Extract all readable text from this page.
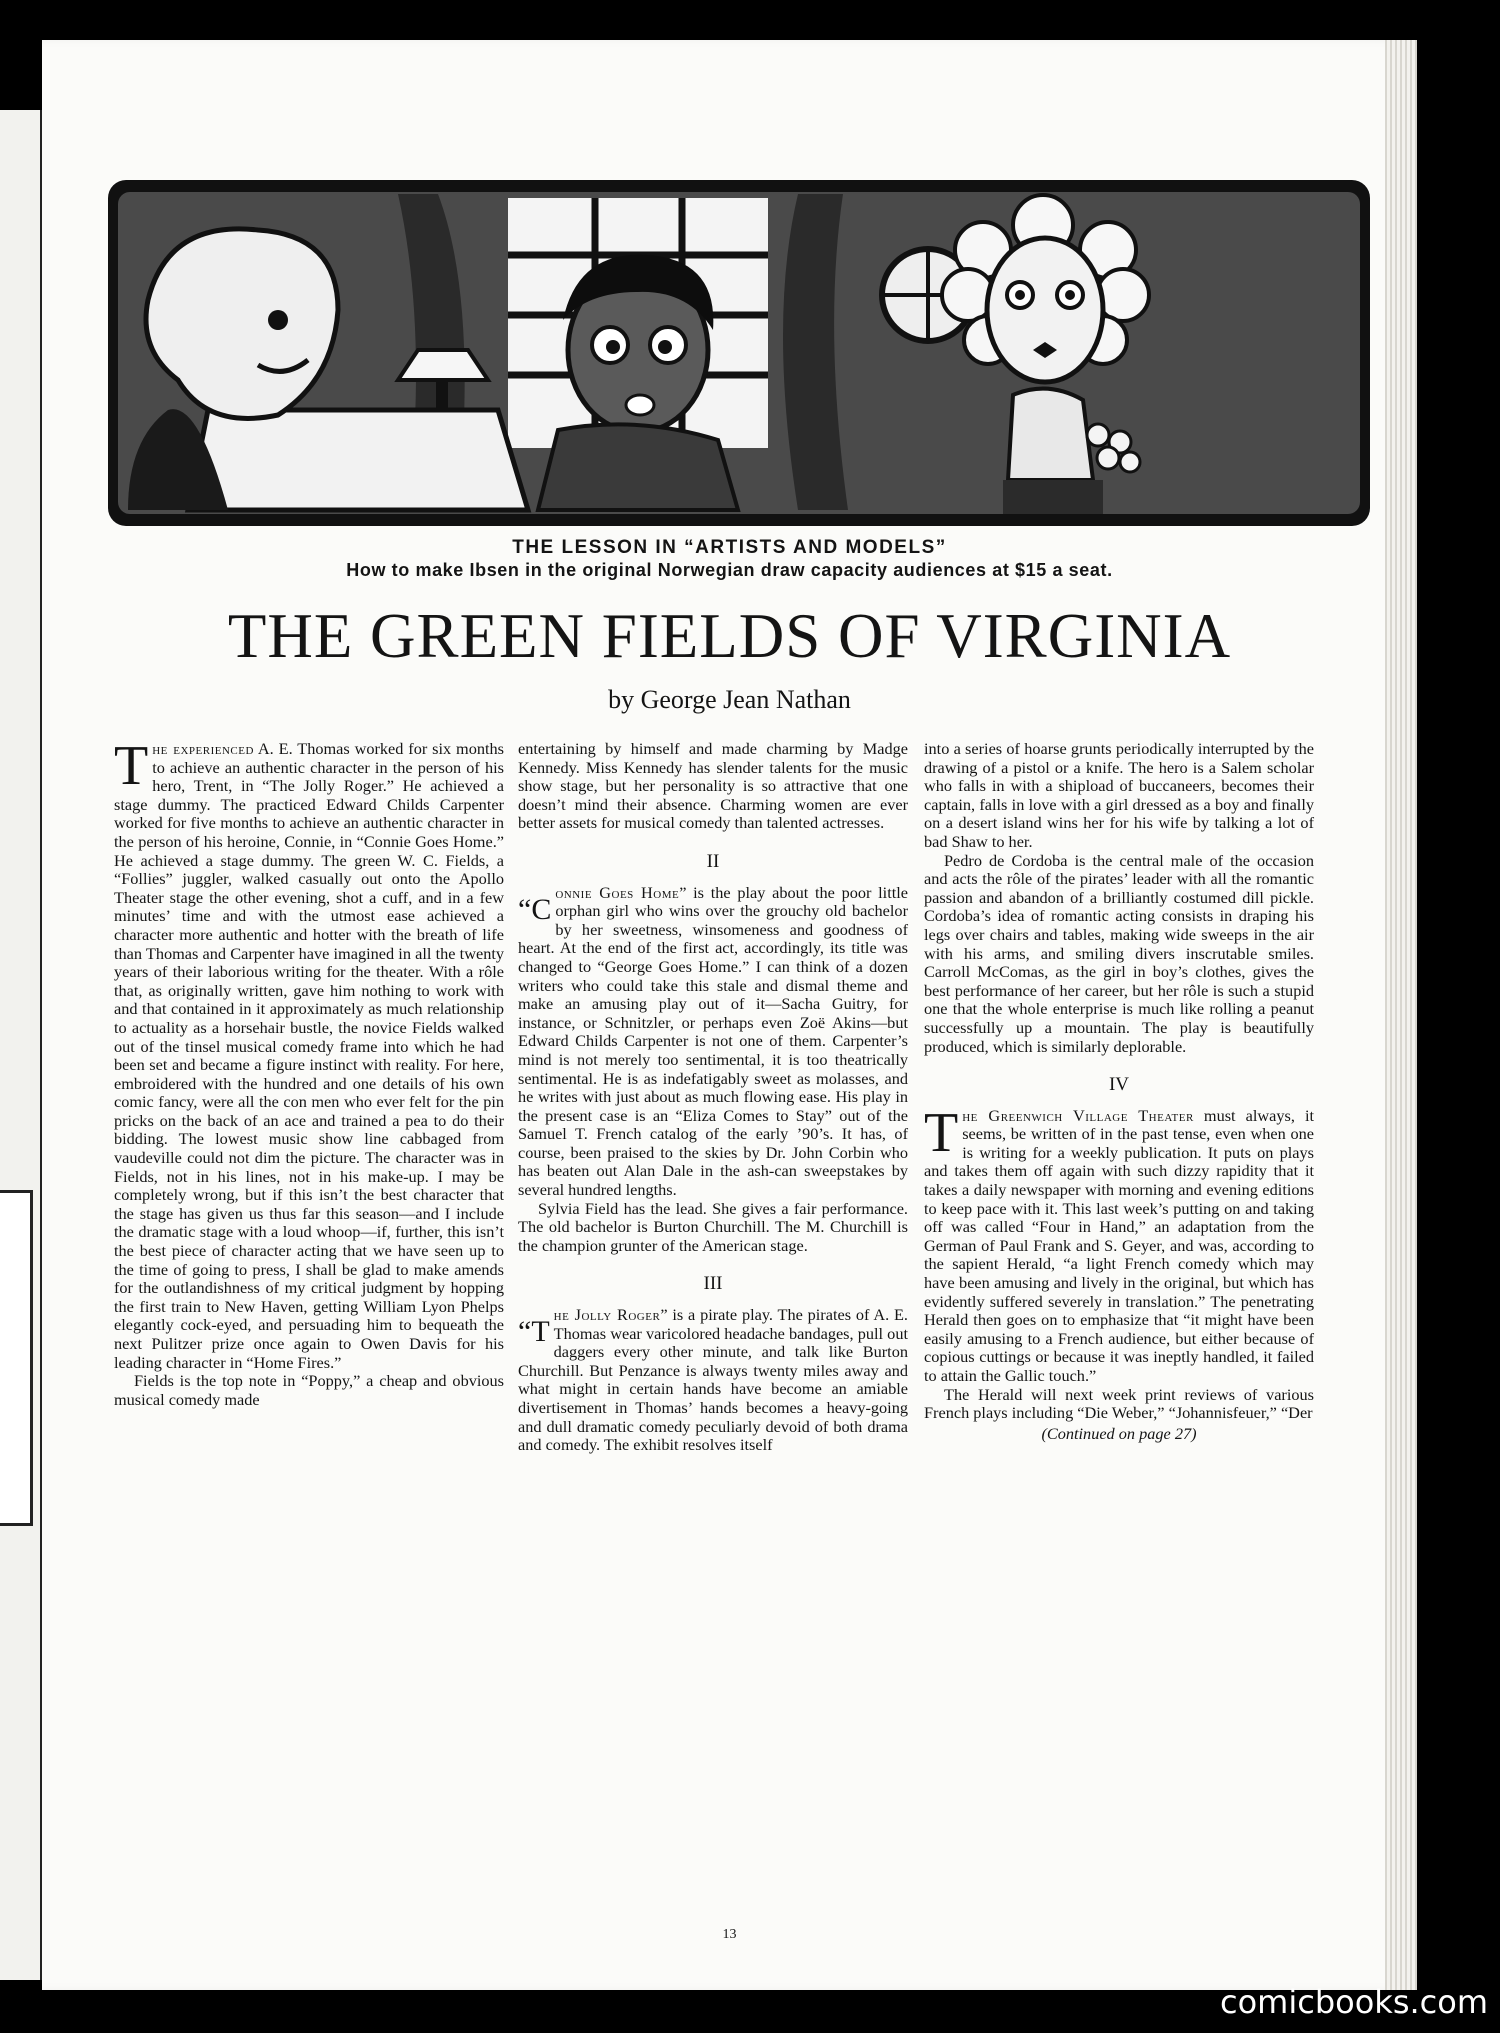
THE LESSON IN “ARTISTS AND MODELS”
How to make Ibsen in the original Norwegian draw capacity audiences at $15 a seat.
THE GREEN FIELDS OF VIRGINIA
by George Jean Nathan

The experienced A. E. Thomas worked for six months to achieve an authentic character in the person of his hero, Trent, in “The Jolly Roger.” He achieved a stage dummy. The practiced Edward Childs Carpenter worked for five months to achieve an authentic character in the person of his heroine, Connie, in “Connie Goes Home.” He achieved a stage dummy. The green W. C. Fields, a “Follies” juggler, walked casually out onto the Apollo Theater stage the other evening, shot a cuff, and in a few minutes’ time and with the utmost ease achieved a character more authentic and hotter with the breath of life than Thomas and Carpenter have imagined in all the twenty years of their laborious writing for the theater. With a rôle that, as originally written, gave him nothing to work with and that contained in it approximately as much relationship to actuality as a horsehair bustle, the novice Fields walked out of the tinsel musical comedy frame into which he had been set and became a figure instinct with reality. For here, embroidered with the hundred and one details of his own comic fancy, were all the con men who ever felt for the pin pricks on the back of an ace and trained a pea to do their bidding. The lowest music show line cabbaged from vaudeville could not dim the picture. The character was in Fields, not in his lines, not in his make-up. I may be completely wrong, but if this isn’t the best character that the stage has given us thus far this season—and I include the dramatic stage with a loud whoop—if, further, this isn’t the best piece of character acting that we have seen up to the time of going to press, I shall be glad to make amends for the outlandishness of my critical judgment by hopping the first train to New Haven, getting William Lyon Phelps elegantly cock-eyed, and persuading him to bequeath the next Pulitzer prize once again to Owen Davis for his leading character in “Home Fires.”

Fields is the top note in “Poppy,” a cheap and obvious musical comedy made

entertaining by himself and made charming by Madge Kennedy. Miss Kennedy has slender talents for the music show stage, but her personality is so attractive that one doesn’t mind their absence. Charming women are ever better assets for musical comedy than talented actresses.

II

“C
onnie Goes Home” is the play about the poor little orphan girl who wins over the grouchy old bachelor by her sweetness, winsomeness and goodness of heart. At the end of the first act, accordingly, its title was changed to “George Goes Home.” I can think of a dozen writers who could take this stale and dismal theme and make an amusing play out of it—Sacha Guitry, for instance, or Schnitzler, or perhaps even Zoë Akins—but Edward Childs Carpenter is not one of them. Carpenter’s mind is not merely too sentimental, it is too theatrically sentimental. He is as indefatigably sweet as molasses, and he writes with just about as much flowing ease. His play in the present case is an “Eliza Comes to Stay” out of the Samuel T. French catalog of the early ’90’s. It has, of course, been praised to the skies by Dr. John Corbin who has beaten out Alan Dale in the ash-can sweepstakes by several hundred lengths.

Sylvia Field has the lead. She gives a fair performance. The old bachelor is Burton Churchill. The M. Churchill is the champion grunter of the American stage.

III

“T
he Jolly Roger” is a pirate play. The pirates of A. E. Thomas wear varicolored headache bandages, pull out daggers every other minute, and talk like Burton Churchill. But Penzance is always twenty miles away and what might in certain hands have become an amiable divertisement in Thomas’ hands becomes a heavy-going and dull dramatic comedy peculiarly devoid of both drama and comedy. The exhibit resolves itself

into a series of hoarse grunts periodically interrupted by the drawing of a pistol or a knife. The hero is a Salem scholar who falls in with a shipload of buccaneers, becomes their captain, falls in love with a girl dressed as a boy and finally on a desert island wins her for his wife by talking a lot of bad Shaw to her.

Pedro de Cordoba is the central male of the occasion and acts the rôle of the pirates’ leader with all the romantic passion and abandon of a brilliantly costumed dill pickle. Cordoba’s idea of romantic acting consists in draping his legs over chairs and tables, making wide sweeps in the air with his arms, and smiling divers inscrutable smiles. Carroll McComas, as the girl in boy’s clothes, gives the best performance of her career, but her rôle is such a stupid one that the whole enterprise is much like rolling a peanut successfully up a mountain. The play is beautifully produced, which is similarly deplorable.

IV

The Greenwich Village Theater must always, it seems, be written of in the past tense, even when one is writing for a weekly publication. It puts on plays and takes them off again with such dizzy rapidity that it takes a daily newspaper with morning and evening editions to keep pace with it. This last week’s putting on and taking off was called “Four in Hand,” an adaptation from the German of Paul Frank and S. Geyer, and was, according to the sapient Herald, “a light French comedy which may have been amusing and lively in the original, but which has evidently suffered severely in translation.” The penetrating Herald then goes on to emphasize that “it might have been easily amusing to a French audience, but either because of copious cuttings or because it was ineptly handled, it failed to attain the Gallic touch.”

The Herald will next week print reviews of various French plays including “Die Weber,” “Johannisfeuer,” “Der

(Continued on page 27)
13
comicbooks.com
